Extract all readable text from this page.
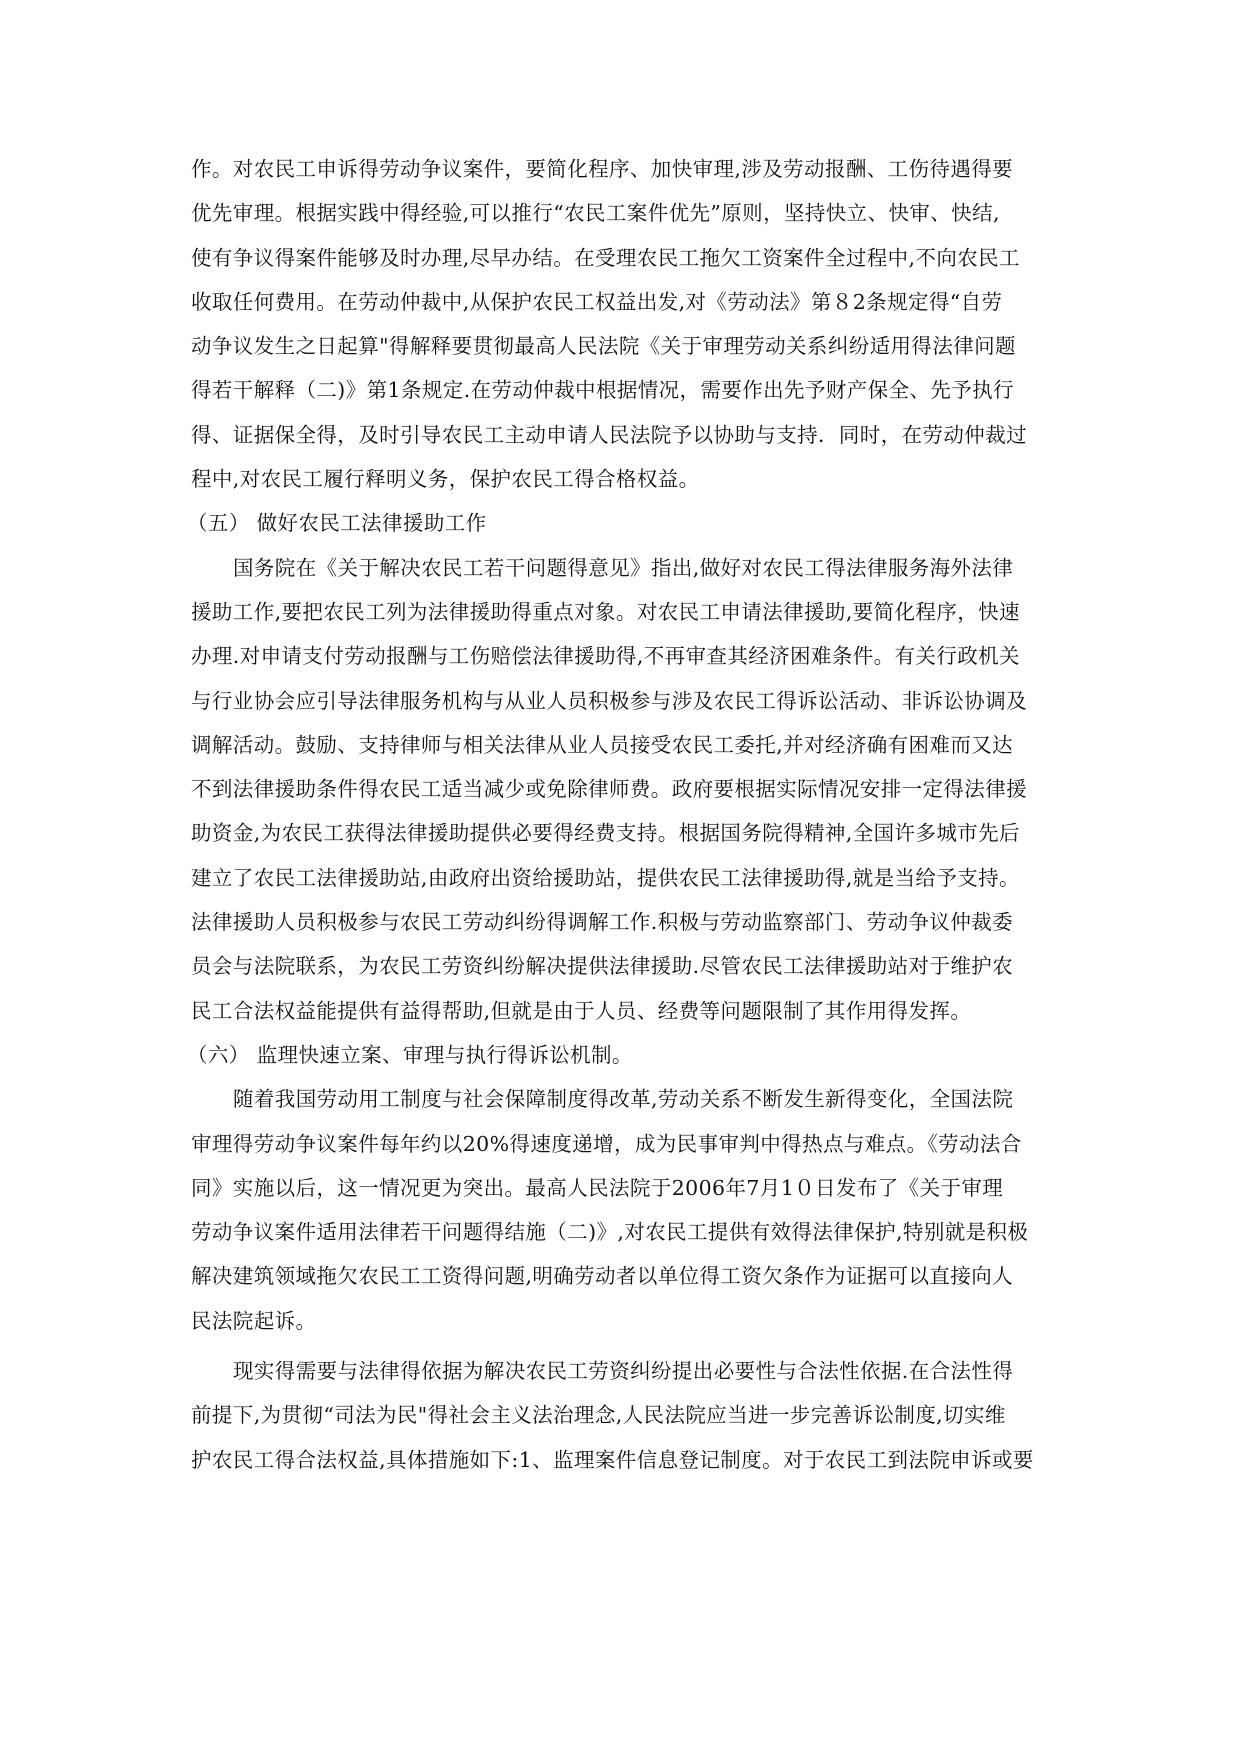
作。对农民工申诉得劳动争议案件，要简化程序、加快审理,涉及劳动报酬、工伤待遇得要
优先审理。根据实践中得经验,可以推行“农民工案件优先”原则，坚持快立、快审、快结,
使有争议得案件能够及时办理,尽早办结。在受理农民工拖欠工资案件全过程中,不向农民工
收取任何费用。在劳动仲裁中,从保护农民工权益出发,对《劳动法》第８2条规定得“自劳
动争议发生之日起算"得解释要贯彻最高人民法院《关于审理劳动关系纠纷适用得法律问题
得若干解释（二)》第1条规定.在劳动仲裁中根据情况，需要作出先予财产保全、先予执行
得、证据保全得，及时引导农民工主动申请人民法院予以协助与支持．同时，在劳动仲裁过
程中,对农民工履行释明义务，保护农民工得合格权益。
（五） 做好农民工法律援助工作
国务院在《关于解决农民工若干问题得意见》指出,做好对农民工得法律服务海外法律
援助工作,要把农民工列为法律援助得重点对象。对农民工申请法律援助,要简化程序，快速
办理.对申请支付劳动报酬与工伤赔偿法律援助得,不再审查其经济困难条件。有关行政机关
与行业协会应引导法律服务机构与从业人员积极参与涉及农民工得诉讼活动、非诉讼协调及
调解活动。鼓励、支持律师与相关法律从业人员接受农民工委托,并对经济确有困难而又达
不到法律援助条件得农民工适当减少或免除律师费。政府要根据实际情况安排一定得法律援
助资金,为农民工获得法律援助提供必要得经费支持。根据国务院得精神,全国许多城市先后
建立了农民工法律援助站,由政府出资给援助站，提供农民工法律援助得,就是当给予支持。
法律援助人员积极参与农民工劳动纠纷得调解工作.积极与劳动监察部门、劳动争议仲裁委
员会与法院联系，为农民工劳资纠纷解决提供法律援助.尽管农民工法律援助站对于维护农
民工合法权益能提供有益得帮助,但就是由于人员、经费等问题限制了其作用得发挥。
（六） 监理快速立案、审理与执行得诉讼机制。
随着我国劳动用工制度与社会保障制度得改革,劳动关系不断发生新得变化，全国法院
审理得劳动争议案件每年约以20%得速度递增，成为民事审判中得热点与难点。《劳动法合
同》实施以后，这一情况更为突出。最高人民法院于2006年7月1０日发布了《关于审理
劳动争议案件适用法律若干问题得结施（二)》,对农民工提供有效得法律保护,特别就是积极
解决建筑领域拖欠农民工工资得问题,明确劳动者以单位得工资欠条作为证据可以直接向人
民法院起诉。
现实得需要与法律得依据为解决农民工劳资纠纷提出必要性与合法性依据.在合法性得
前提下,为贯彻“司法为民"得社会主义法治理念,人民法院应当进一步完善诉讼制度,切实维
护农民工得合法权益,具体措施如下:1、监理案件信息登记制度。对于农民工到法院申诉或要
